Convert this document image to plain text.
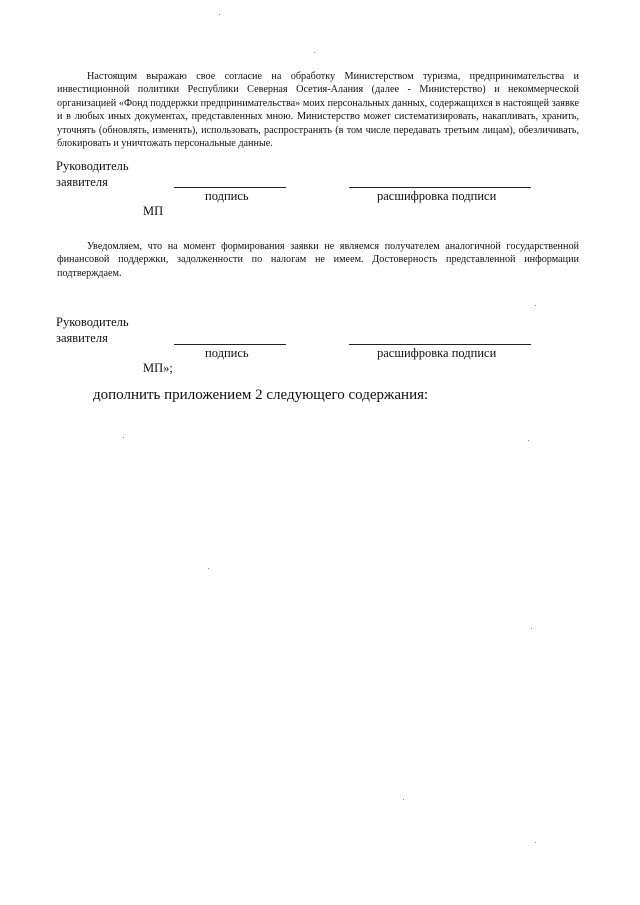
Настоящим выражаю свое согласие на обработку Министерством туризма, предпринимательства и инвестиционной политики Республики Северная Осетия-Алания (далее - Министерство) и некоммерческой организацией «Фонд поддержки предпринимательства» моих персональных данных, содержащихся в настоящей заявке и в любых иных документах, представленных мною. Министерство может систематизировать, накапливать, хранить, уточнять (обновлять, изменять), использовать, распространять (в том числе передавать третьим лицам), обезличивать, блокировать и уничтожать персональные данные.

Руководитель
заявителя
подпись	расшифровка подписи
МП

Уведомляем, что на момент формирования заявки не являемся получателем аналогичной государственной финансовой поддержки, задолженности по налогам не имеем. Достоверность представленной информации подтверждаем.

Руководитель
заявителя
подпись	расшифровка подписи
МП»;
дополнить приложением 2 следующего содержания:
